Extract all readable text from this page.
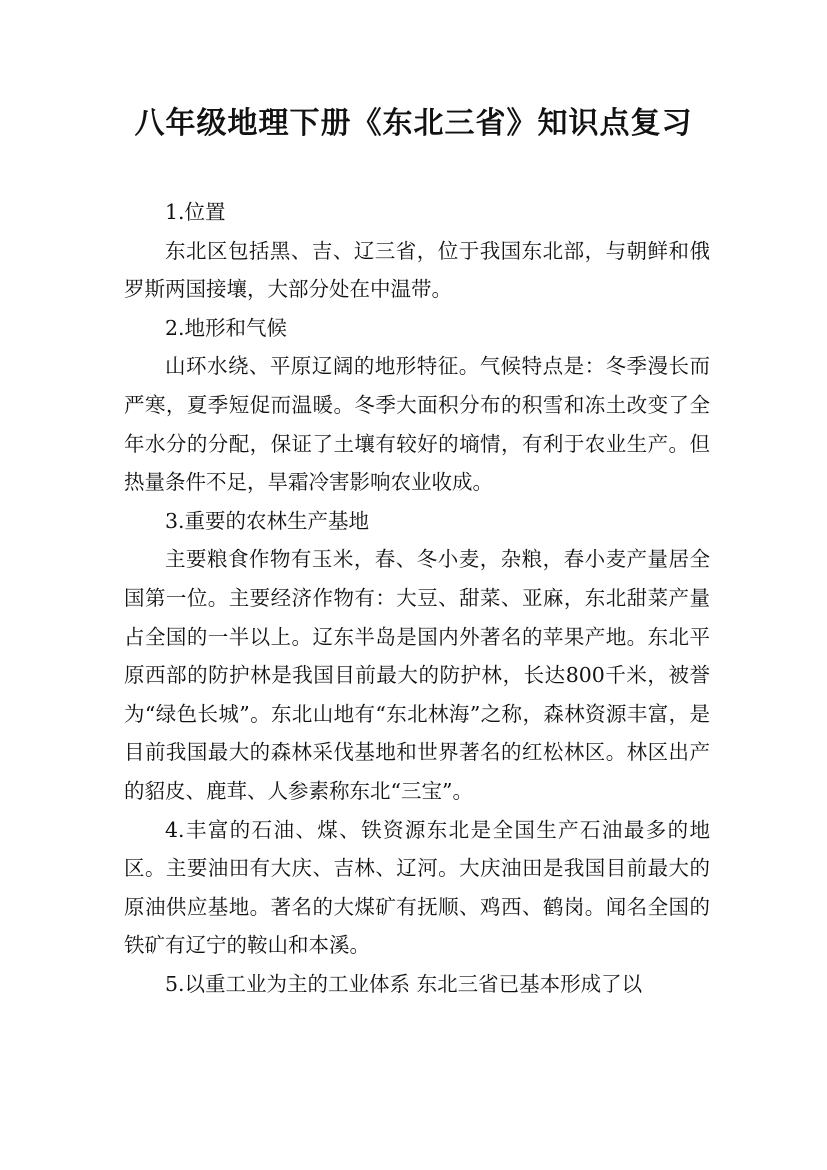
八年级地理下册《东北三省》知识点复习

1.位置

东北区包括黑、吉、辽三省，位于我国东北部，与朝鲜和俄罗斯两国接壤，大部分处在中温带。

2.地形和气候

山环水绕、平原辽阔的地形特征。气候特点是：冬季漫长而严寒，夏季短促而温暖。冬季大面积分布的积雪和冻土改变了全年水分的分配，保证了土壤有较好的墒情，有利于农业生产。但热量条件不足，旱霜冷害影响农业收成。

3.重要的农林生产基地

主要粮食作物有玉米，春、冬小麦，杂粮，春小麦产量居全国第一位。主要经济作物有：大豆、甜菜、亚麻，东北甜菜产量占全国的一半以上。辽东半岛是国内外著名的苹果产地。东北平原西部的防护林是我国目前最大的防护林，长达800千米，被誉为“绿色长城”。东北山地有“东北林海”之称，森林资源丰富，是目前我国最大的森林采伐基地和世界著名的红松林区。林区出产的貂皮、鹿茸、人参素称东北“三宝”。

4.丰富的石油、煤、铁资源东北是全国生产石油最多的地区。主要油田有大庆、吉林、辽河。大庆油田是我国目前最大的原油供应基地。著名的大煤矿有抚顺、鸡西、鹤岗。闻名全国的铁矿有辽宁的鞍山和本溪。

5.以重工业为主的工业体系 东北三省已基本形成了以
